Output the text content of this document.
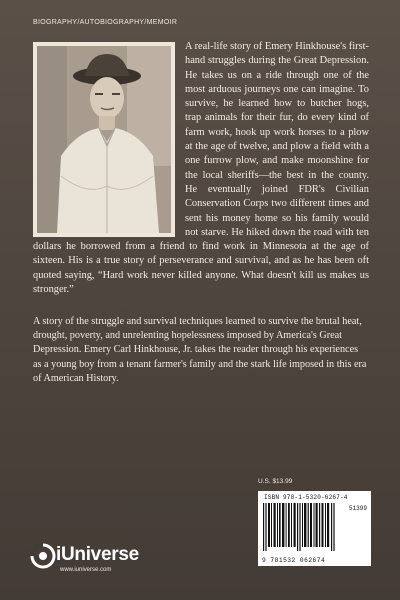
BIOGRAPHY/AUTOBIOGRAPHY/MEMOIR
A real-life story of Emery Hinkhouse's first-hand struggles during the Great Depression. He takes us on a ride through one of the most arduous journeys one can imagine. To survive, he learned how to butcher hogs, trap animals for their fur, do every kind of farm work, hook up work horses to a plow at the age of twelve, and plow a field with a one furrow plow, and make moonshine for the local sheriffs—the best in the county. He eventually joined FDR's Civilian Conservation Corps two different times and sent his money home so his family would not starve. He hiked down the road with ten dollars he borrowed from a friend to find work in Minnesota at the age of sixteen. His is a true story of perseverance and survival, and as he has been oft quoted saying, “Hard work never killed anyone. What doesn't kill us makes us stronger.”
A story of the struggle and survival techniques learned to survive the brutal heat, drought, poverty, and unrelenting hopelessness imposed by America's Great Depression. Emery Carl Hinkhouse, Jr. takes the reader through his experiences as a young boy from a tenant farmer's family and the stark life imposed in this era of American History.
U.S. $13.99
ISBN 978-1-5320-6267-4
51399
9 781532 062674
iUniverse
www.iuniverse.com
